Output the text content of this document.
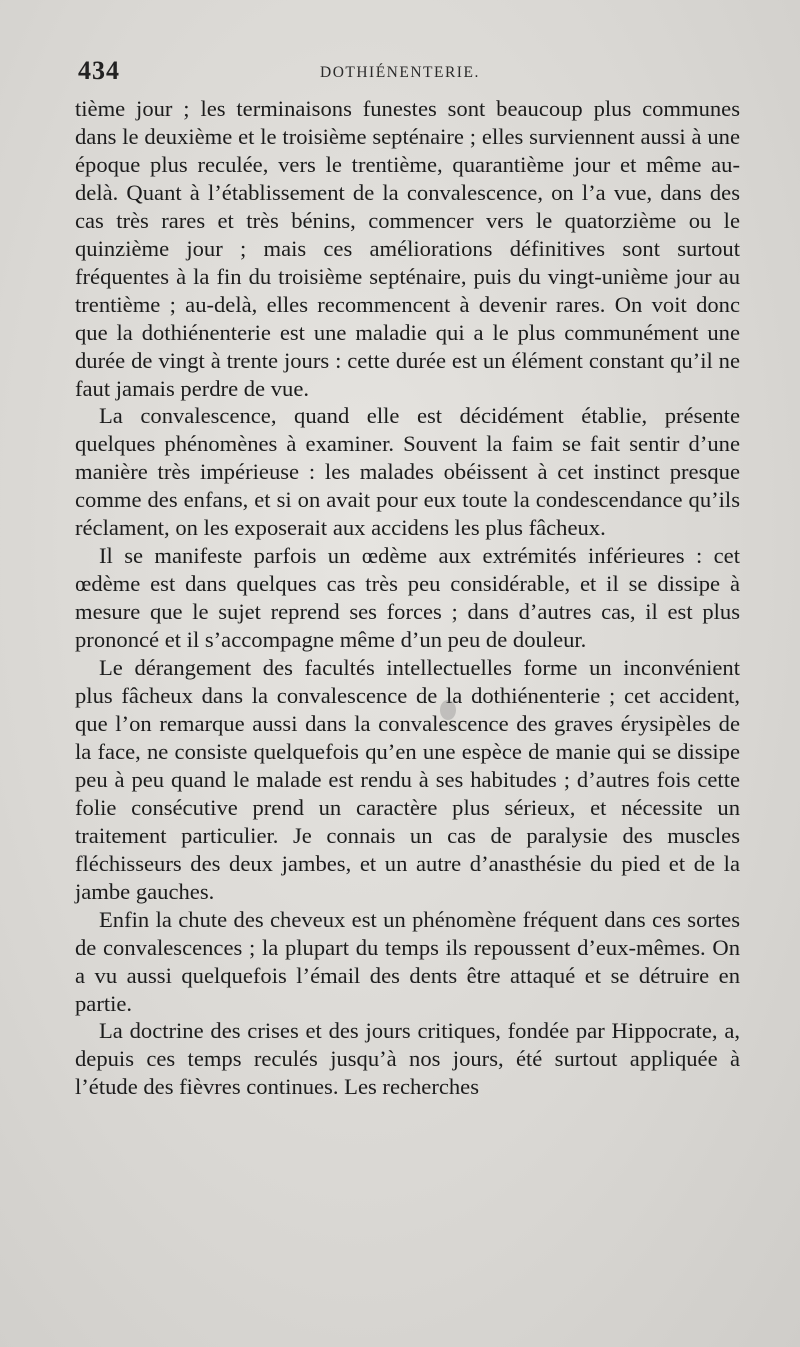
434	DOTHIÉNENTERIE.

tième jour ; les terminaisons funestes sont beaucoup plus communes dans le deuxième et le troisième septénaire ; elles surviennent aussi à une époque plus reculée, vers le trentième, quarantième jour et même au-delà. Quant à l’établissement de la convalescence, on l’a vue, dans des cas très rares et très bénins, commencer vers le quatorzième ou le quinzième jour ; mais ces améliorations définitives sont surtout fréquentes à la fin du troisième septénaire, puis du vingt-unième jour au trentième ; au-delà, elles recommencent à devenir rares. On voit donc que la dothiénenterie est une maladie qui a le plus communément une durée de vingt à trente jours : cette durée est un élément constant qu’il ne faut jamais perdre de vue.

La convalescence, quand elle est décidément établie, présente quelques phénomènes à examiner. Souvent la faim se fait sentir d’une manière très impérieuse : les malades obéissent à cet instinct presque comme des enfans, et si on avait pour eux toute la condescendance qu’ils réclament, on les exposerait aux accidens les plus fâcheux.

Il se manifeste parfois un œdème aux extrémités inférieures : cet œdème est dans quelques cas très peu considérable, et il se dissipe à mesure que le sujet reprend ses forces ; dans d’autres cas, il est plus prononcé et il s’accompagne même d’un peu de douleur.

Le dérangement des facultés intellectuelles forme un inconvénient plus fâcheux dans la convalescence de la dothiénenterie ; cet accident, que l’on remarque aussi dans la convalescence des graves érysipèles de la face, ne consiste quelquefois qu’en une espèce de manie qui se dissipe peu à peu quand le malade est rendu à ses habitudes ; d’autres fois cette folie consécutive prend un caractère plus sérieux, et nécessite un traitement particulier. Je connais un cas de paralysie des muscles fléchisseurs des deux jambes, et un autre d’anasthésie du pied et de la jambe gauches.

Enfin la chute des cheveux est un phénomène fréquent dans ces sortes de convalescences ; la plupart du temps ils repoussent d’eux-mêmes. On a vu aussi quelquefois l’émail des dents être attaqué et se détruire en partie.

La doctrine des crises et des jours critiques, fondée par Hippocrate, a, depuis ces temps reculés jusqu’à nos jours, été surtout appliquée à l’étude des fièvres continues. Les recherches
